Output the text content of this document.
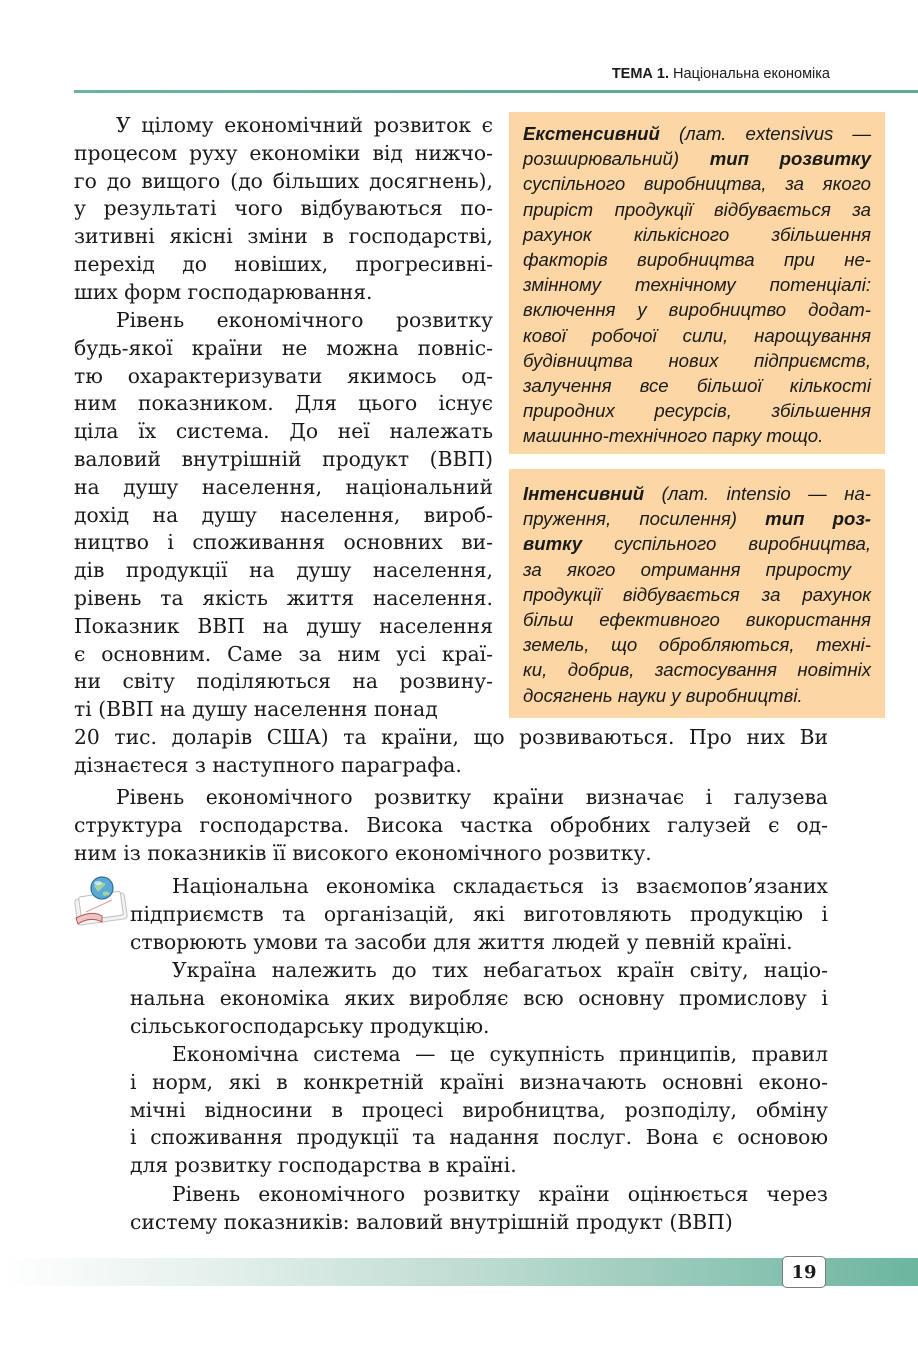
ТЕМА 1. Національна економіка

У цілому економічний розвиток є
процесом руху економіки від нижчо-
го до вищого (до більших досягнень),
у результаті чого відбуваються по-
зитивні якісні зміни в господарстві,
перехід до новіших, прогресивні-
ших форм господарювання.

Рівень економічного розвитку
будь-якої країни не можна повніс-
тю охарактеризувати якимось од-
ним показником. Для цього існує
ціла їх система. До неї належать
валовий внутрішній продукт (ВВП)
на душу населення, національний
дохід на душу населення, вироб-
ництво і споживання основних ви-
дів продукції на душу населення,
рівень та якість життя населення.
Показник ВВП на душу населення
є основним. Саме за ним усі краї-
ни світу поділяються на розвину-
ті (ВВП на душу населення понад

20 тис. доларів США) та країни, що розвиваються. Про них Ви
дізнаєтеся з наступного параграфа.

Рівень економічного розвитку країни визначає і галузева
структура господарства. Висока частка обробних галузей є од-
ним із показників її високого економічного розвитку.

Екстенсивний (лат. extensivus —
розширювальний) тип розвитку
суспільного виробництва, за якого
приріст продукції відбувається за
рахунок кількісного збільшення
факторів виробництва при не-
змінному технічному потенціалі:
включення у виробництво додат-
кової робочої сили, нарощування
будівництва нових підприємств,
залучення все більшої кількості
природних ресурсів, збільшення
машинно-технічного парку тощо.
Інтенсивний (лат. intensio — на-
пруження, посилення) тип роз-
витку суспільного виробництва,
за якого отримання приросту
продукції відбувається за рахунок
більш ефективного використання
земель, що обробляються, техні-
ки, добрив, застосування новітніх
досягнень науки у виробництві.

Національна економіка складається із взаємопов’язаних
підприємств та організацій, які виготовляють продукцію і
створюють умови та засоби для життя людей у певній країні.

Україна належить до тих небагатьох країн світу, націо-
нальна економіка яких виробляє всю основну промислову і
сільськогосподарську продукцію.

Економічна система — це сукупність принципів, правил
і норм, які в конкретній країні визначають основні еконо-
мічні відносини в процесі виробництва, розподілу, обміну
і споживання продукції та надання послуг. Вона є основою
для розвитку господарства в країні.

Рівень економічного розвитку країни оцінюється через
систему показників: валовий внутрішній продукт (ВВП)

19
